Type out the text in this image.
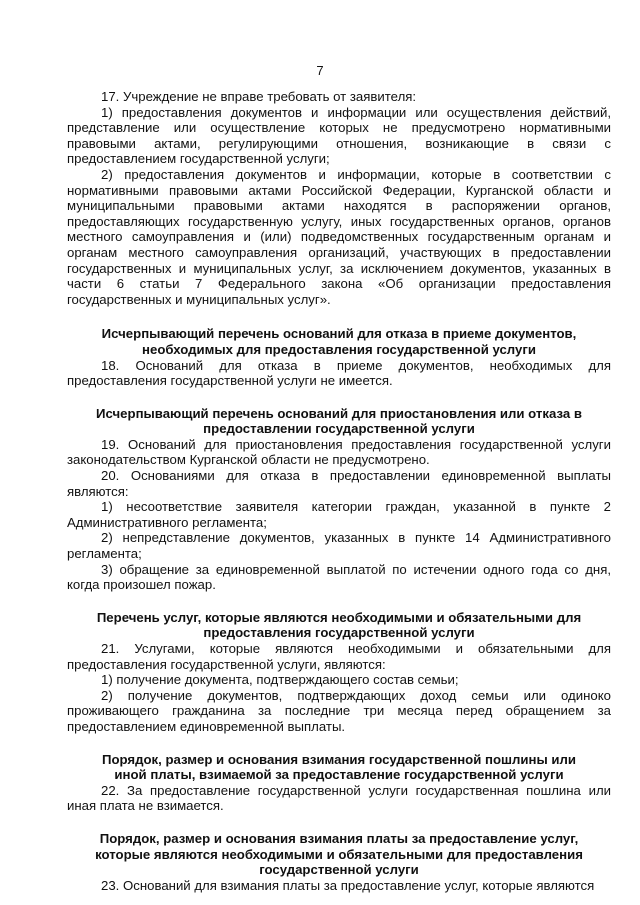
7

17. Учреждение не вправе требовать от заявителя:

1) предоставления документов и информации или осуществления действий, представление или осуществление которых не предусмотрено нормативными правовыми актами, регулирующими отношения, возникающие в связи с предоставлением государственной услуги;

2) предоставления документов и информации, которые в соответствии с нормативными правовыми актами Российской Федерации, Курганской области и муниципальными правовыми актами находятся в распоряжении органов, предоставляющих государственную услугу, иных государственных органов, органов местного самоуправления и (или) подведомственных государственным органам и органам местного самоуправления организаций, участвующих в предоставлении государственных и муниципальных услуг, за исключением документов, указанных в части 6 статьи 7 Федерального закона «Об организации предоставления государственных и муниципальных услуг».

Исчерпывающий перечень оснований для отказа в приеме документов, необходимых для предоставления государственной услуги

18. Оснований для отказа в приеме документов, необходимых для предоставления государственной услуги не имеется.

Исчерпывающий перечень оснований для приостановления или отказа в предоставлении государственной услуги

19. Оснований для приостановления предоставления государственной услуги законодательством Курганской области не предусмотрено.

20. Основаниями для отказа в предоставлении единовременной выплаты являются:

1) несоответствие заявителя категории граждан, указанной в пункте 2 Административного регламента;

2) непредставление документов, указанных в пункте 14 Административного регламента;

3) обращение за единовременной выплатой по истечении одного года со дня, когда произошел пожар.

Перечень услуг, которые являются необходимыми и обязательными для предоставления государственной услуги

21. Услугами, которые являются необходимыми и обязательными для предоставления государственной услуги, являются:

1) получение документа, подтверждающего состав семьи;

2) получение документов, подтверждающих доход семьи или одиноко проживающего гражданина за последние три месяца перед обращением за предоставлением единовременной выплаты.

Порядок, размер и основания взимания государственной пошлины или иной платы, взимаемой за предоставление государственной услуги

22. За предоставление государственной услуги государственная пошлина или иная плата не взимается.

Порядок, размер и основания взимания платы за предоставление услуг, которые являются необходимыми и обязательными для предоставления государственной услуги

23. Оснований для взимания платы за предоставление услуг, которые являются
